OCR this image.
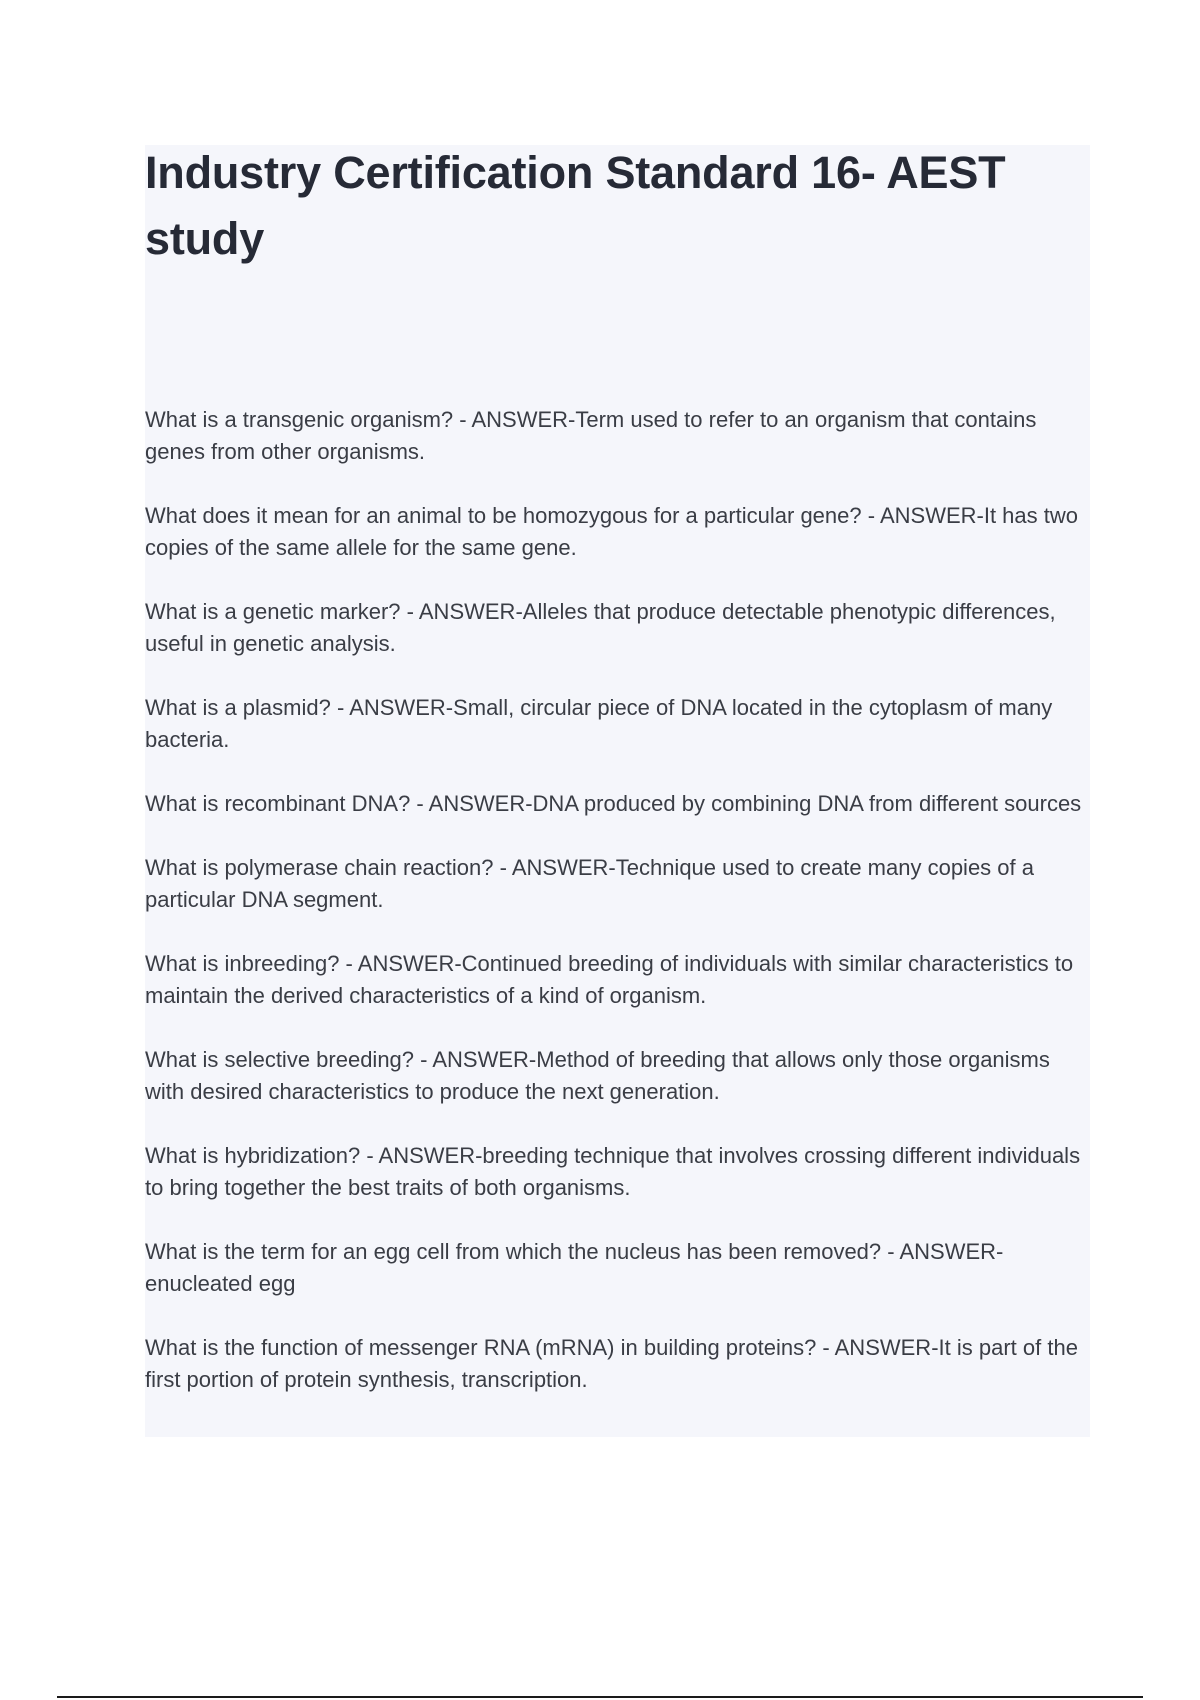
Industry Certification Standard 16- AEST study
What is a transgenic organism? - ANSWER-Term used to refer to an organism that contains genes from other organisms.
What does it mean for an animal to be homozygous for a particular gene? - ANSWER-It has two copies of the same allele for the same gene.
What is a genetic marker? - ANSWER-Alleles that produce detectable phenotypic differences, useful in genetic analysis.
What is a plasmid? - ANSWER-Small, circular piece of DNA located in the cytoplasm of many bacteria.
What is recombinant DNA? - ANSWER-DNA produced by combining DNA from different sources
What is polymerase chain reaction? - ANSWER-Technique used to create many copies of a particular DNA segment.
What is inbreeding? - ANSWER-Continued breeding of individuals with similar characteristics to maintain the derived characteristics of a kind of organism.
What is selective breeding? - ANSWER-Method of breeding that allows only those organisms with desired characteristics to produce the next generation.
What is hybridization? - ANSWER-breeding technique that involves crossing different individuals to bring together the best traits of both organisms.
What is the term for an egg cell from which the nucleus has been removed? - ANSWER-enucleated egg
What is the function of messenger RNA (mRNA) in building proteins? - ANSWER-It is part of the first portion of protein synthesis, transcription.
